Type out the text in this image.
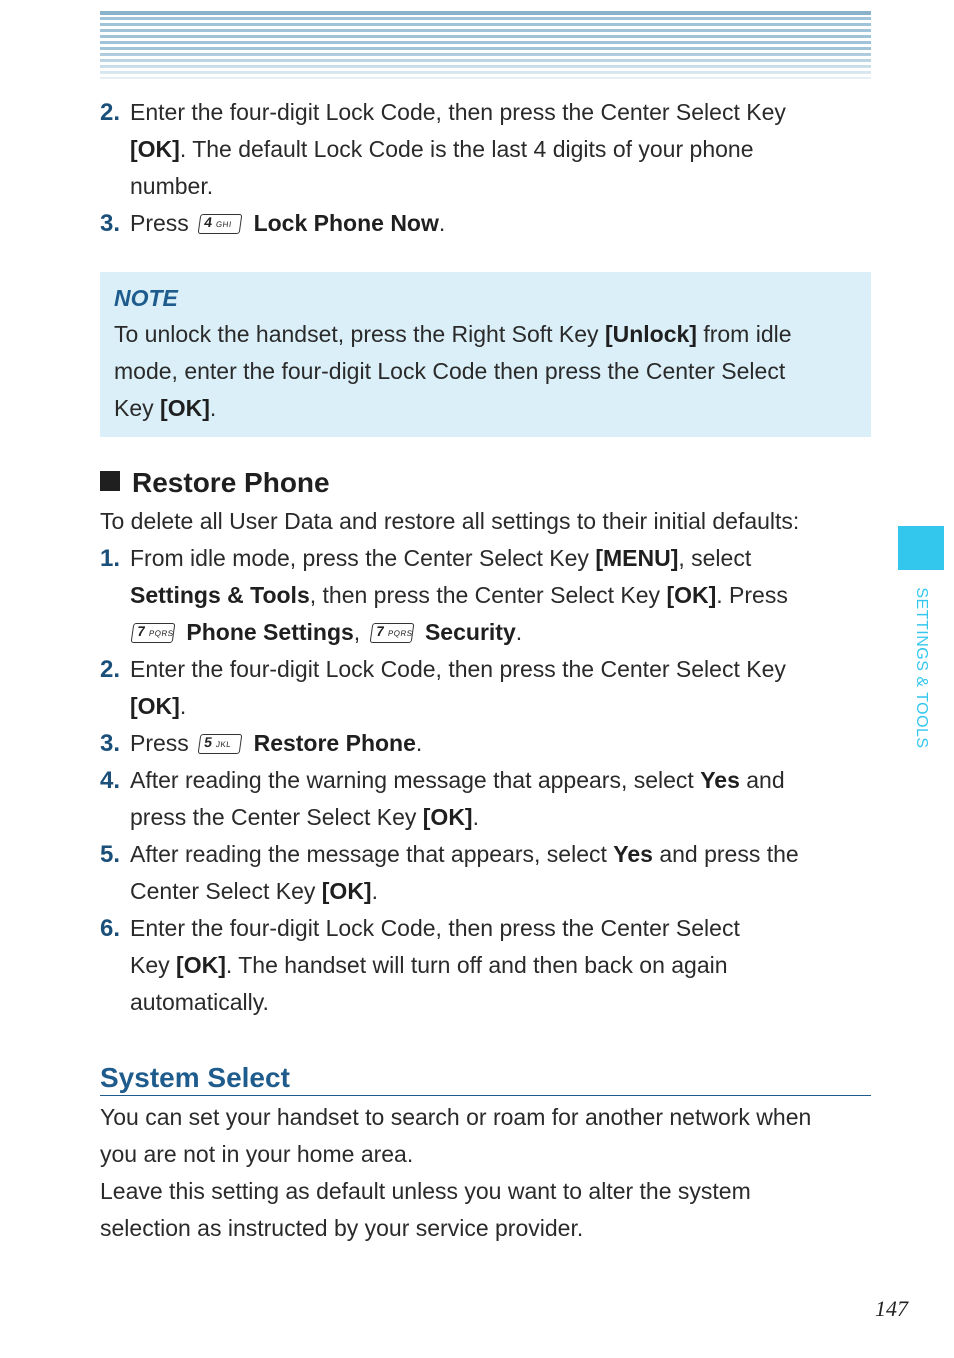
2. Enter the four-digit Lock Code, then press the Center Select Key
[OK]. The default Lock Code is the last 4 digits of your phone
number.
3. Press 4 GHI Lock Phone Now.
NOTE
To unlock the handset, press the Right Soft Key [Unlock] from idle
mode, enter the four-digit Lock Code then press the Center Select
Key [OK].
Restore Phone
To delete all User Data and restore all settings to their initial defaults:
1. From idle mode, press the Center Select Key [MENU], select
Settings & Tools, then press the Center Select Key [OK]. Press
7 PQRS Phone Settings, 7 PQRS Security.
2. Enter the four-digit Lock Code, then press the Center Select Key
[OK].
3. Press 5 JKL Restore Phone.
4. After reading the warning message that appears, select Yes and
press the Center Select Key [OK].
5. After reading the message that appears, select Yes and press the
Center Select Key [OK].
6. Enter the four-digit Lock Code, then press the Center Select
Key [OK]. The handset will turn off and then back on again
automatically.
System Select
You can set your handset to search or roam for another network when
you are not in your home area.
Leave this setting as default unless you want to alter the system
selection as instructed by your service provider.
SETTINGS & TOOLS
147
